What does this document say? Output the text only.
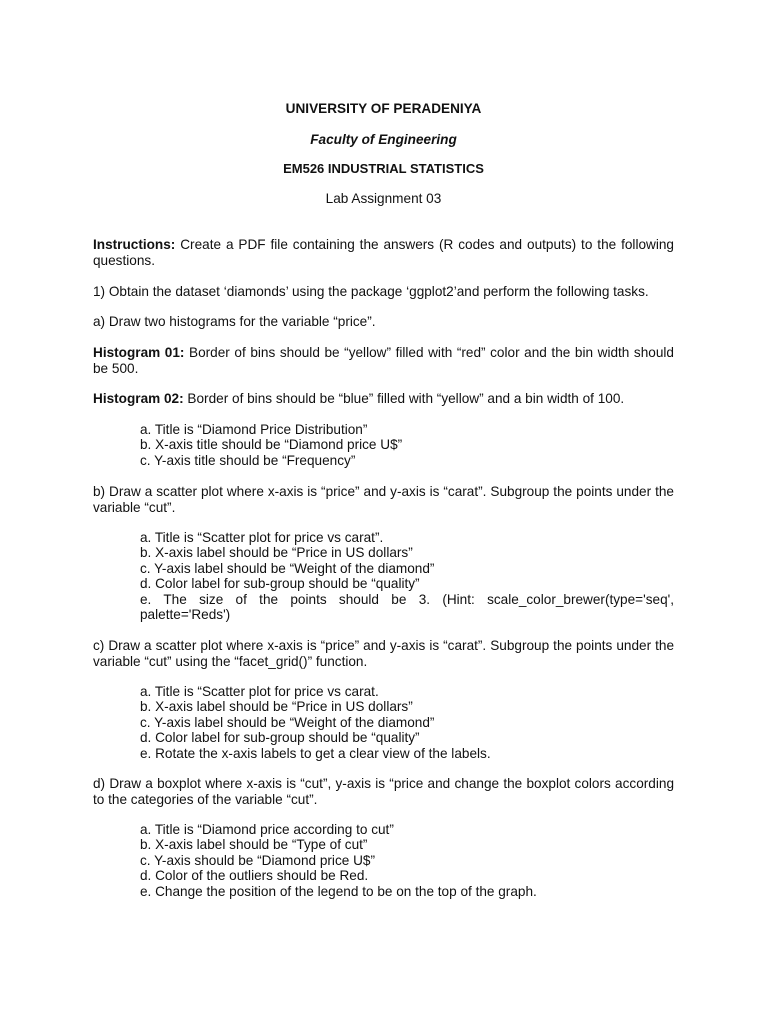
UNIVERSITY OF PERADENIYA
Faculty of Engineering
EM526 INDUSTRIAL STATISTICS
Lab Assignment 03
Instructions: Create a PDF file containing the answers (R codes and outputs) to the following questions.
1) Obtain the dataset ‘diamonds’ using the package ‘ggplot2’and perform the following tasks.
a) Draw two histograms for the variable “price”.
Histogram 01: Border of bins should be “yellow” filled with “red” color and the bin width should be 500.
Histogram 02: Border of bins should be “blue” filled with “yellow” and a bin width of 100.
a. Title is “Diamond Price Distribution”
b. X-axis title should be “Diamond price U$”
c. Y-axis title should be “Frequency”
b) Draw a scatter plot where x-axis is “price” and y-axis is “carat”. Subgroup the points under the variable “cut”.
a. Title is “Scatter plot for price vs carat”.
b. X-axis label should be “Price in US dollars”
c. Y-axis label should be “Weight of the diamond”
d. Color label for sub-group should be “quality”
e. The size of the points should be 3. (Hint: scale_color_brewer(type='seq',
palette='Reds')
c) Draw a scatter plot where x-axis is “price” and y-axis is “carat”. Subgroup the points under the variable “cut” using the “facet_grid()” function.
a. Title is “Scatter plot for price vs carat.
b. X-axis label should be “Price in US dollars”
c. Y-axis label should be “Weight of the diamond”
d. Color label for sub-group should be “quality”
e. Rotate the x-axis labels to get a clear view of the labels.
d) Draw a boxplot where x-axis is “cut”, y-axis is “price and change the boxplot colors according to the categories of the variable “cut”.
a. Title is “Diamond price according to cut”
b. X-axis label should be “Type of cut”
c. Y-axis should be “Diamond price U$”
d. Color of the outliers should be Red.
e. Change the position of the legend to be on the top of the graph.
